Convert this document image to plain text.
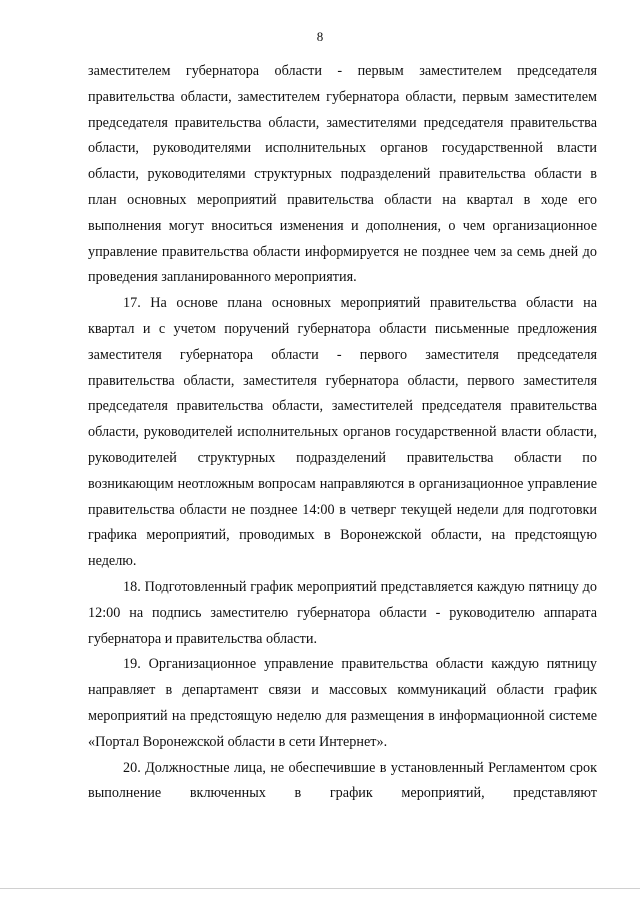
8

заместителем губернатора области - первым заместителем председателя правительства области, заместителем губернатора области, первым заместителем председателя правительства области, заместителями председателя правительства области, руководителями исполнительных органов государственной власти области, руководителями структурных подразделений правительства области в план основных мероприятий правительства области на квартал в ходе его выполнения могут вноситься изменения и дополнения, о чем организационное управление правительства области информируется не позднее чем за семь дней до проведения запланированного мероприятия.

17. На основе плана основных мероприятий правительства области на квартал и с учетом поручений губернатора области письменные предложения заместителя губернатора области - первого заместителя председателя правительства области, заместителя губернатора области, первого заместителя председателя правительства области, заместителей председателя правительства области, руководителей исполнительных органов государственной власти области, руководителей структурных подразделений правительства области по возникающим неотложным вопросам направляются в организационное управление правительства области не позднее 14:00 в четверг текущей недели для подготовки графика мероприятий, проводимых в Воронежской области, на предстоящую неделю.

18. Подготовленный график мероприятий представляется каждую пятницу до 12:00 на подпись заместителю губернатора области - руководителю аппарата губернатора и правительства области.

19. Организационное управление правительства области каждую пятницу направляет в департамент связи и массовых коммуникаций области график мероприятий на предстоящую неделю для размещения в информационной системе «Портал Воронежской области в сети Интернет».

20. Должностные лица, не обеспечившие в установленный Регламентом срок выполнение включенных в график мероприятий, представляют
